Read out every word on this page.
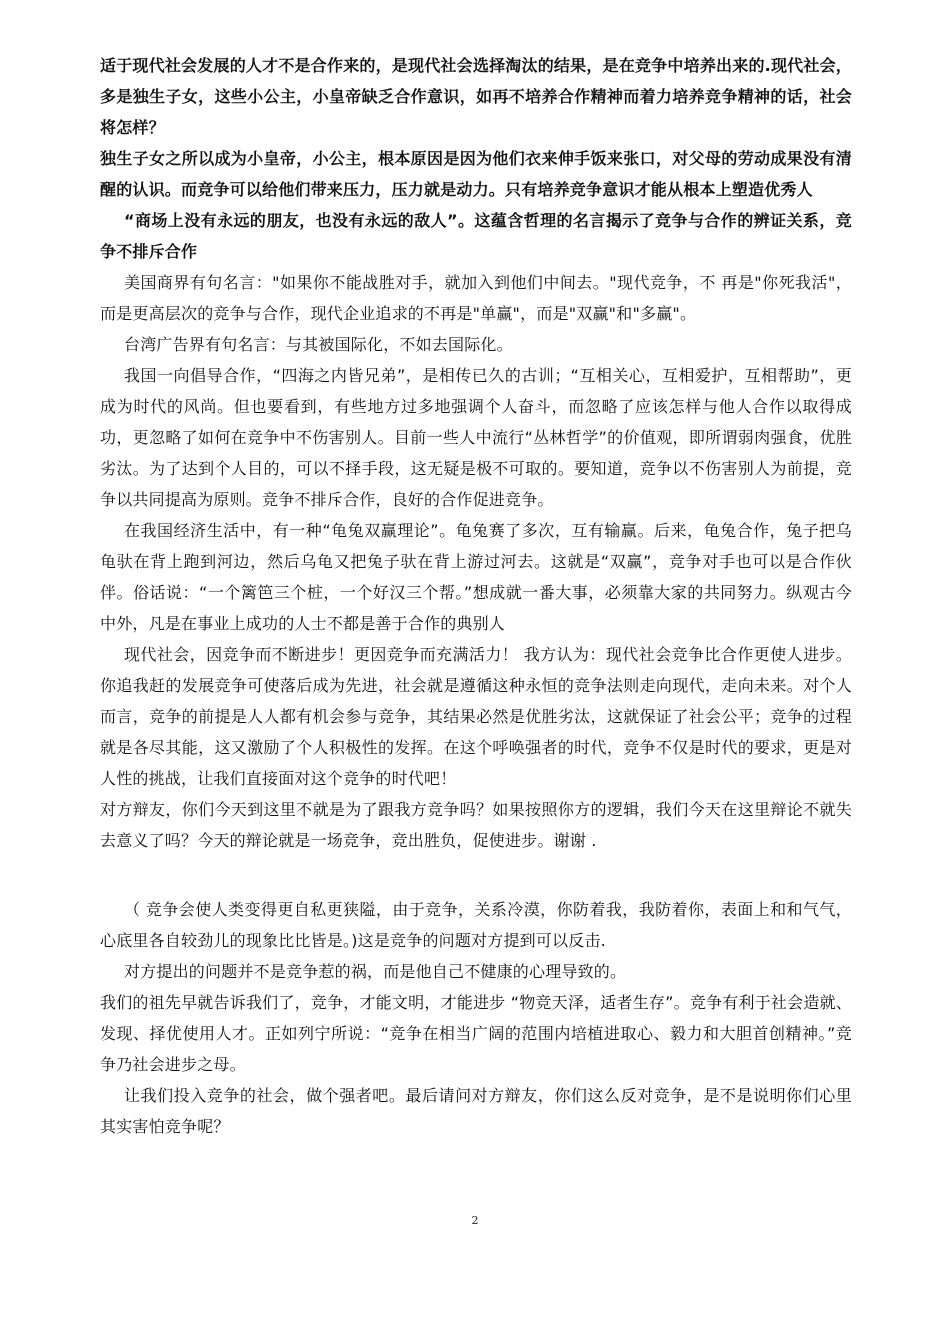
适于现代社会发展的人才不是合作来的，是现代社会选择淘汰的结果，是在竞争中培养出来的.现代社会，多是独生子女，这些小公主，小皇帝缺乏合作意识，如再不培养合作精神而着力培养竞争精神的话，社会将怎样？

独生子女之所以成为小皇帝，小公主，根本原因是因为他们衣来伸手饭来张口，对父母的劳动成果没有清醒的认识。而竞争可以给他们带来压力，压力就是动力。只有培养竞争意识才能从根本上塑造优秀人

“商场上没有永远的朋友，也没有永远的敌人”。这蕴含哲理的名言揭示了竞争与合作的辨证关系，竞争不排斥合作

美国商界有句名言："如果你不能战胜对手，就加入到他们中间去。"现代竞争，不 再是"你死我活"，而是更高层次的竞争与合作，现代企业追求的不再是"单赢"，而是"双赢"和"多赢"。

台湾广告界有句名言：与其被国际化，不如去国际化。

我国一向倡导合作，“四海之内皆兄弟”，是相传已久的古训；“互相关心，互相爱护，互相帮助”，更成为时代的风尚。但也要看到，有些地方过多地强调个人奋斗，而忽略了应该怎样与他人合作以取得成功，更忽略了如何在竞争中不伤害别人。目前一些人中流行“丛林哲学”的价值观，即所谓弱肉强食，优胜劣汰。为了达到个人目的，可以不择手段，这无疑是极不可取的。要知道，竞争以不伤害别人为前提，竞争以共同提高为原则。竞争不排斥合作，良好的合作促进竞争。

在我国经济生活中，有一种“龟兔双赢理论”。龟兔赛了多次，互有输赢。后来，龟兔合作，兔子把乌龟驮在背上跑到河边，然后乌龟又把兔子驮在背上游过河去。这就是“双赢”，竞争对手也可以是合作伙伴。俗话说：“一个篱笆三个桩，一个好汉三个帮。”想成就一番大事，必须靠大家的共同努力。纵观古今中外，凡是在事业上成功的人士不都是善于合作的典别人

现代社会，因竞争而不断进步！更因竞争而充满活力！ 我方认为：现代社会竞争比合作更使人进步。你追我赶的发展竞争可使落后成为先进，社会就是遵循这种永恒的竞争法则走向现代，走向未来。对个人而言，竞争的前提是人人都有机会参与竞争，其结果必然是优胜劣汰，这就保证了社会公平；竞争的过程就是各尽其能，这又激励了个人积极性的发挥。在这个呼唤强者的时代，竞争不仅是时代的要求，更是对人性的挑战，让我们直接面对这个竞争的时代吧！

对方辩友，你们今天到这里不就是为了跟我方竞争吗？如果按照你方的逻辑，我们今天在这里辩论不就失去意义了吗？今天的辩论就是一场竞争，竞出胜负，促使进步。谢谢 .

（ 竞争会使人类变得更自私更狭隘，由于竞争，关系冷漠，你防着我，我防着你，表面上和和气气，心底里各自较劲儿的现象比比皆是。)这是竞争的问题对方提到可以反击.

对方提出的问题并不是竞争惹的祸，而是他自己不健康的心理导致的。

我们的祖先早就告诉我们了，竞争，才能文明，才能进步 “物竞天泽，适者生存”。竞争有利于社会造就、发现、择优使用人才。正如列宁所说：“竞争在相当广阔的范围内培植进取心、毅力和大胆首创精神。”竞争乃社会进步之母。

让我们投入竞争的社会，做个强者吧。最后请问对方辩友，你们这么反对竞争，是不是说明你们心里其实害怕竞争呢？

2
